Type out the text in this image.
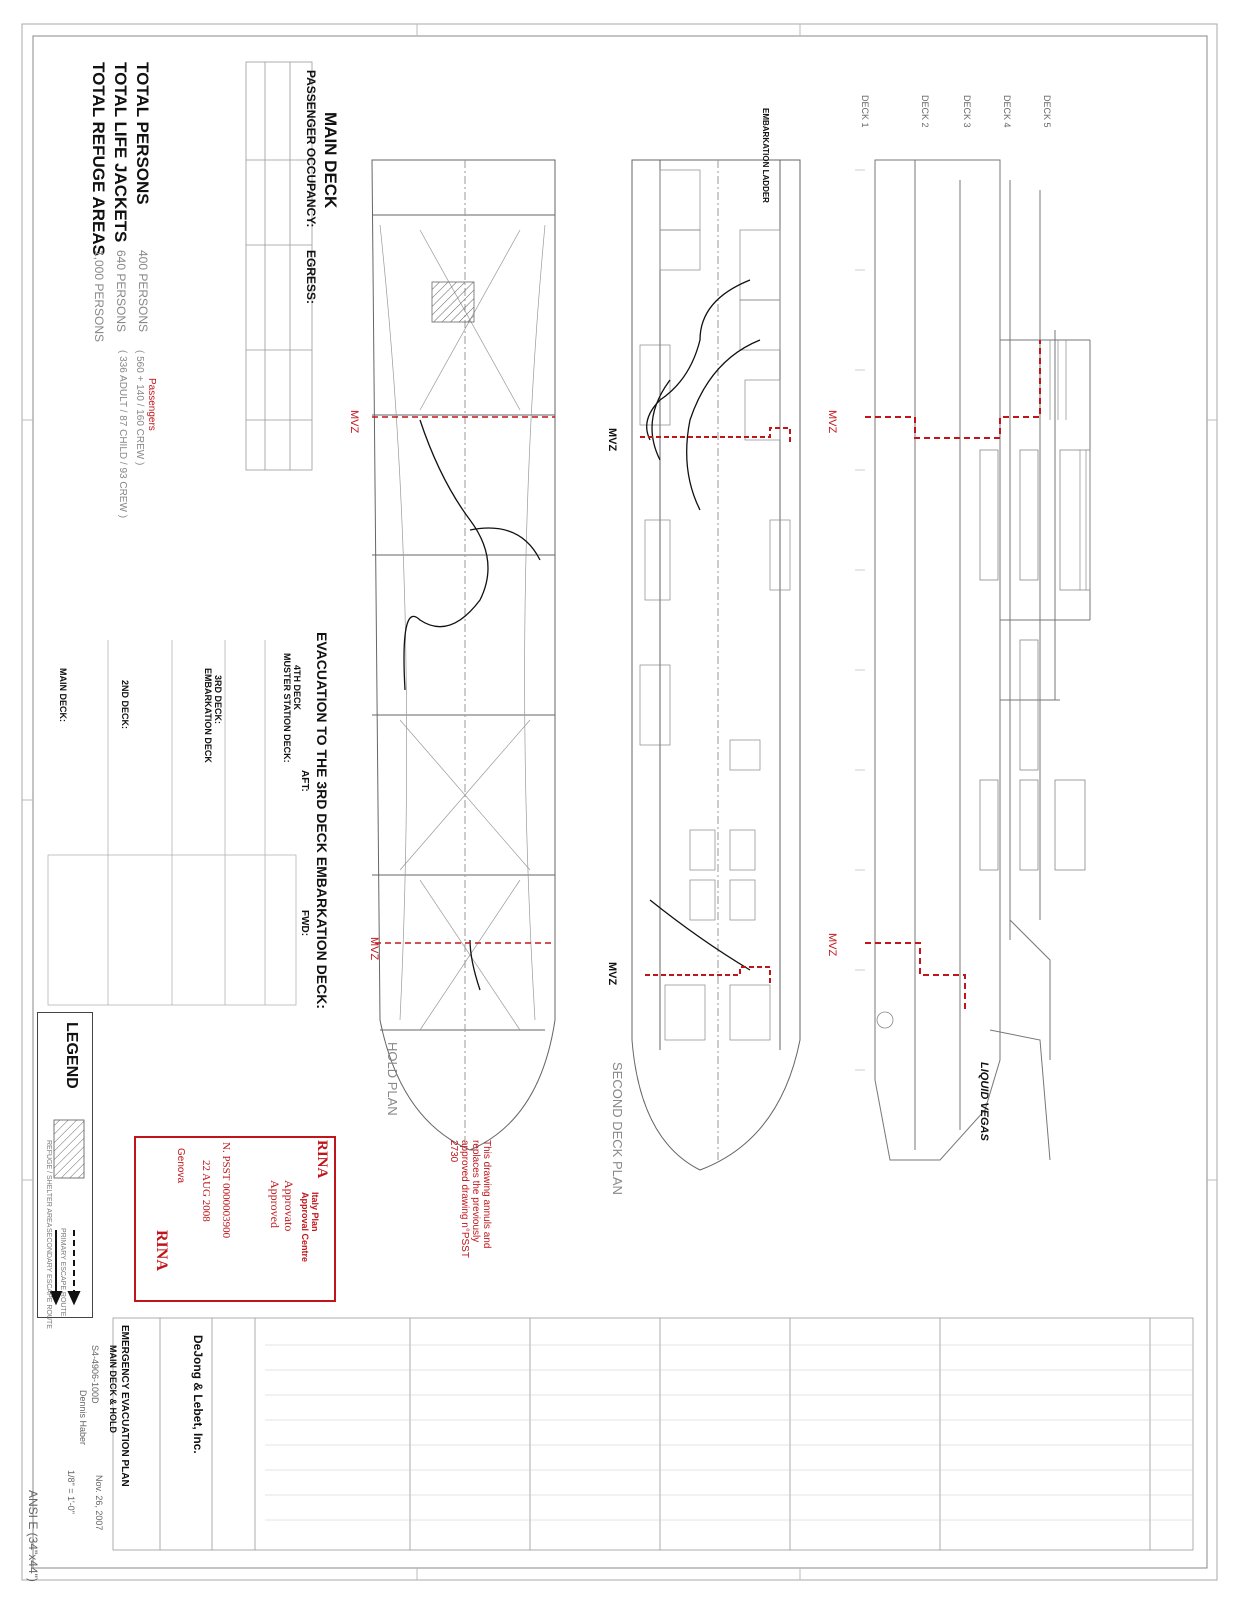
MAIN DECK
PASSENGER OCCUPANCY:
EGRESS:
TOTAL PERSONS
TOTAL LIFE JACKETS
TOTAL REFUGE AREAS
400 PERSONS
640 PERSONS
1,000 PERSONS
Passengers
( 560 + 140 / 160 CREW )
( 336 ADULT / 87 CHILD / 93 CREW )
EVACUATION TO THE 3RD DECK EMBARKATION DECK:
AFT:
FWD:
4TH DECK
MUSTER STATION DECK:
3RD DECK:
EMBARKATION DECK
2ND DECK:
MAIN DECK:
HOLD PLAN	SECOND DECK PLAN
MVZ
MVZ
MVZ
MVZ
MVZ
MVZ
EMBARKATION LADDER
LIQUID VEGAS
DECK 5
DECK 4
DECK 3
DECK 2
DECK 1
This drawing annuls and replaces the previously approved drawing n°PSST 2730
RINA
Italy Plan
Approval Centre
Approvato
Approved
N. PSST 0000003900
22 AUG 2008
Genova
RINA
LEGEND
REFUGE / SHELTER AREA
PRIMARY ESCAPE ROUTE
SECONDARY ESCAPE ROUTE
DeJong & Lebet, Inc.
EMERGENCY EVACUATION PLAN
MAIN DECK & HOLD
Nov. 26, 2007
Dennis Haber
ANSI E (34"x44")	1/8" = 1'-0"
S4-4906-100D
